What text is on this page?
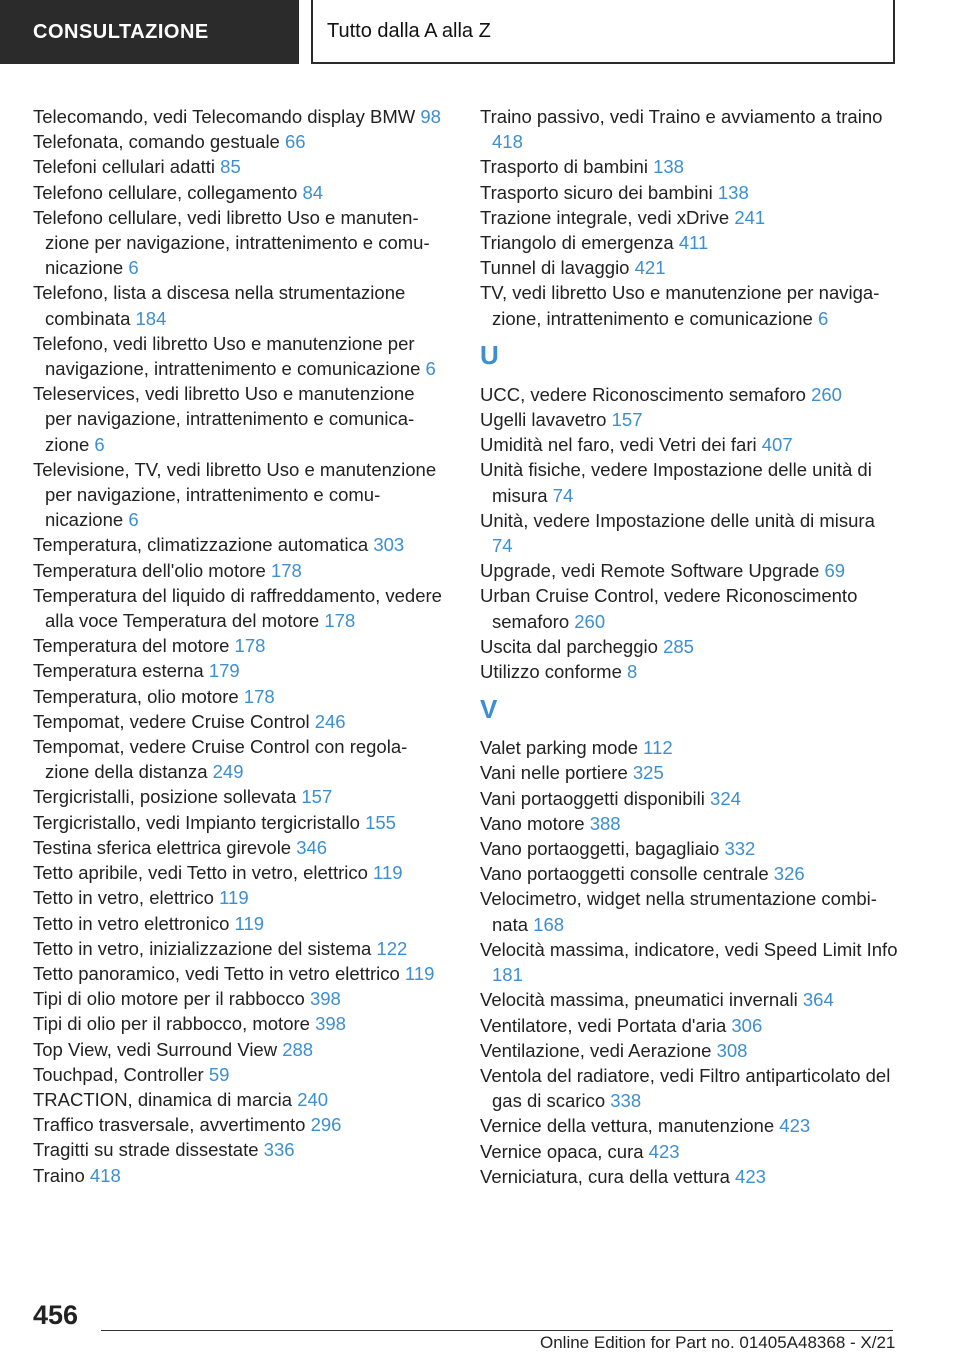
CONSULTAZIONE	Tutto dalla A alla Z

Telecomando, vedi Telecomando display BMW 98

Telefonata, comando gestuale 66

Telefoni cellulari adatti 85

Telefono cellulare, collegamento 84

Telefono cellulare, vedi libretto Uso e manutenzione per navigazione, intrattenimento e comunicazione 6

Telefono, lista a discesa nella strumentazione combinata 184

Telefono, vedi libretto Uso e manutenzione per navigazione, intrattenimento e comunicazione 6

Teleservices, vedi libretto Uso e manutenzione per navigazione, intrattenimento e comunicazione 6

Televisione, TV, vedi libretto Uso e manutenzione per navigazione, intrattenimento e comunicazione 6

Temperatura, climatizzazione automatica 303

Temperatura dell'olio motore 178

Temperatura del liquido di raffreddamento, vedere alla voce Temperatura del motore 178

Temperatura del motore 178

Temperatura esterna 179

Temperatura, olio motore 178

Tempomat, vedere Cruise Control 246

Tempomat, vedere Cruise Control con regolazione della distanza 249

Tergicristalli, posizione sollevata 157

Tergicristallo, vedi Impianto tergicristallo 155

Testina sferica elettrica girevole 346

Tetto apribile, vedi Tetto in vetro, elettrico 119

Tetto in vetro, elettrico 119

Tetto in vetro elettronico 119

Tetto in vetro, inizializzazione del sistema 122

Tetto panoramico, vedi Tetto in vetro elettrico 119

Tipi di olio motore per il rabbocco 398

Tipi di olio per il rabbocco, motore 398

Top View, vedi Surround View 288

Touchpad, Controller 59

TRACTION, dinamica di marcia 240

Traffico trasversale, avvertimento 296

Tragitti su strade dissestate 336

Traino 418

Traino passivo, vedi Traino e avviamento a traino 418

Trasporto di bambini 138

Trasporto sicuro dei bambini 138

Trazione integrale, vedi xDrive 241

Triangolo di emergenza 411

Tunnel di lavaggio 421

TV, vedi libretto Uso e manutenzione per navigazione, intrattenimento e comunicazione 6

U

UCC, vedere Riconoscimento semaforo 260

Ugelli lavavetro 157

Umidità nel faro, vedi Vetri dei fari 407

Unità fisiche, vedere Impostazione delle unità di misura 74

Unità, vedere Impostazione delle unità di misura 74

Upgrade, vedi Remote Software Upgrade 69

Urban Cruise Control, vedere Riconoscimento semaforo 260

Uscita dal parcheggio 285

Utilizzo conforme 8

V

Valet parking mode 112

Vani nelle portiere 325

Vani portaoggetti disponibili 324

Vano motore 388

Vano portaoggetti, bagagliaio 332

Vano portaoggetti consolle centrale 326

Velocimetro, widget nella strumentazione combinata 168

Velocità massima, indicatore, vedi Speed Limit Info 181

Velocità massima, pneumatici invernali 364

Ventilatore, vedi Portata d'aria 306

Ventilazione, vedi Aerazione 308

Ventola del radiatore, vedi Filtro antiparticolato del gas di scarico 338

Vernice della vettura, manutenzione 423

Vernice opaca, cura 423

Verniciatura, cura della vettura 423

456
Online Edition for Part no. 01405A48368 - X/21
